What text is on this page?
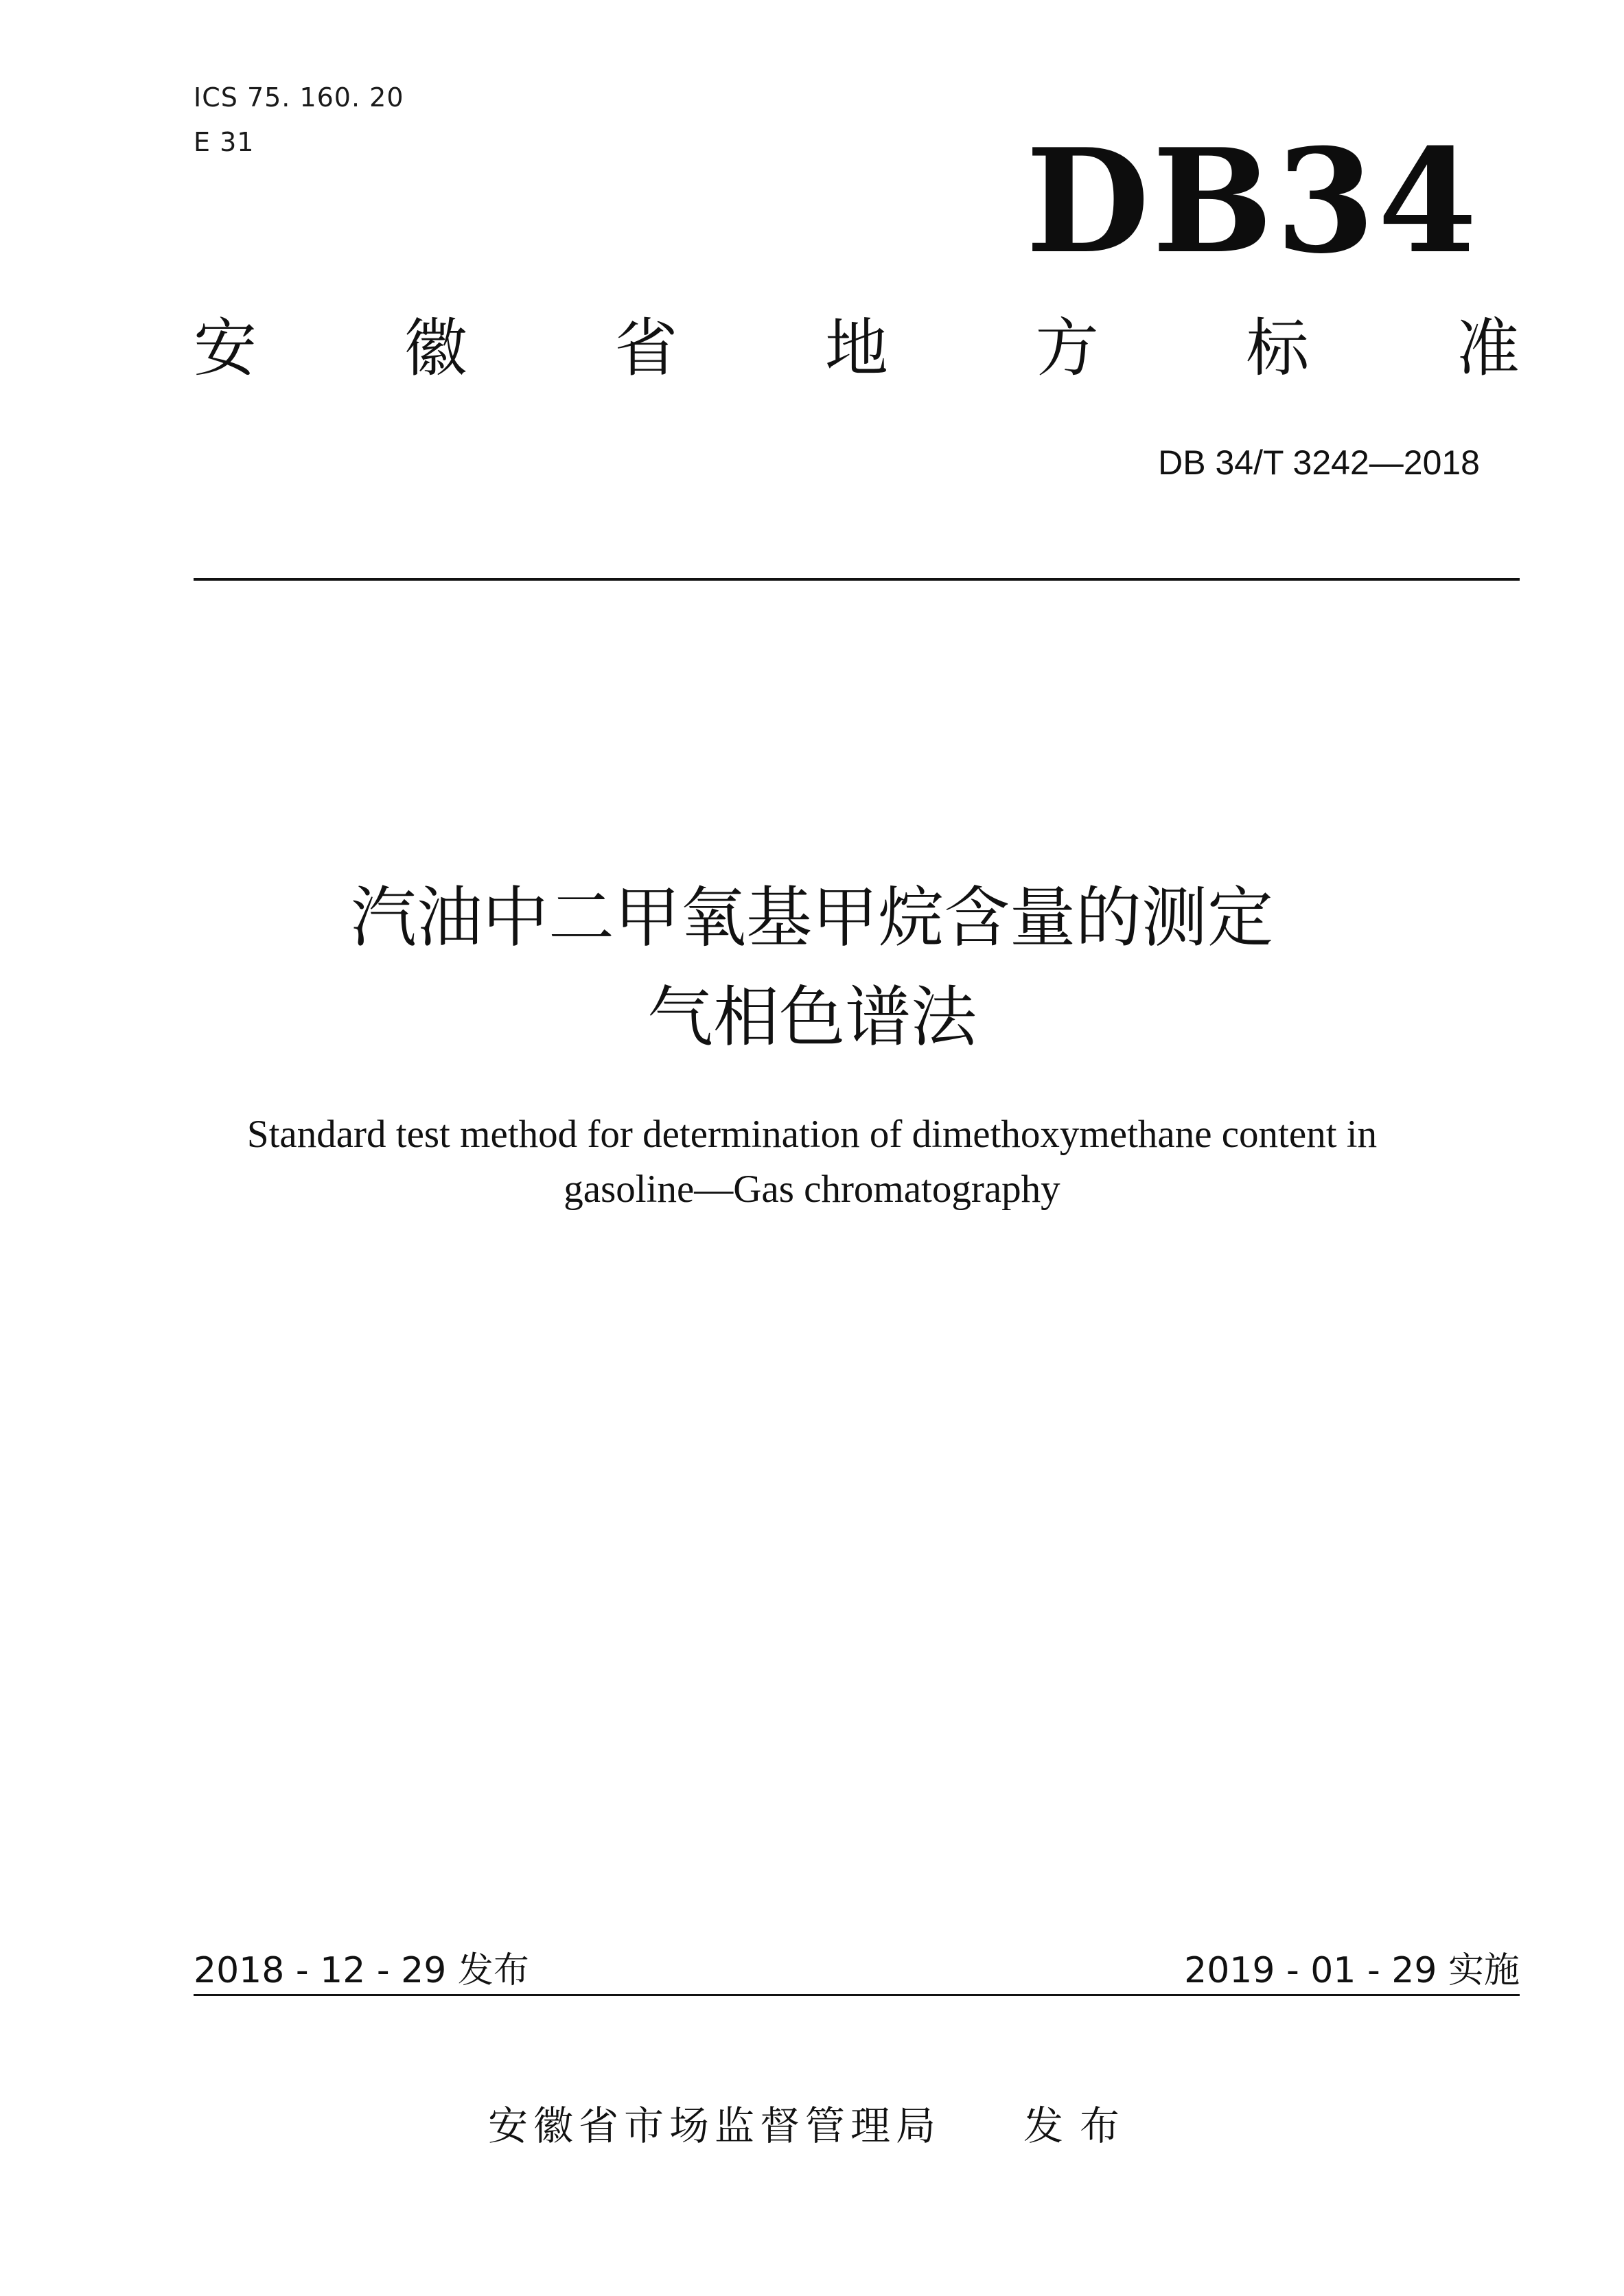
ICS 75. 160. 20
E 31	DB34
安 徽 省 地 方 标 准
DB 34/T 3242—2018
汽油中二甲氧基甲烷含量的测定
气相色谱法
Standard test method for determination of dimethoxymethane content in
gasoline—Gas chromatography
2018 - 12 - 29 发布	2019 - 01 - 29 实施
安徽省市场监督管理局 发布
